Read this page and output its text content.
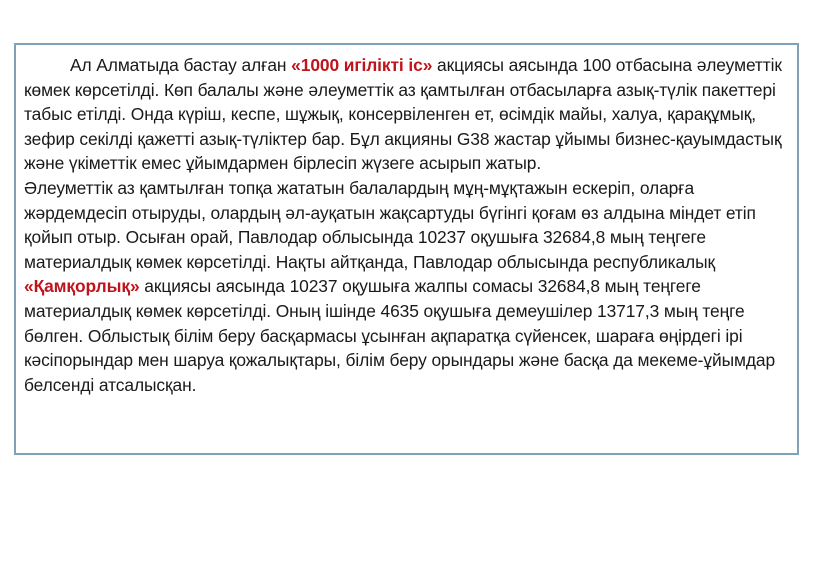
Ал Алматыда бастау алған «1000 игілікті іс» акциясы аясында 100 отбасына әлеуметтік көмек көрсетілді. Көп балалы және әлеуметтік аз қамтылған отбасыларға азық-түлік пакеттері табыс етілді. Онда күріш, кеспе, шұжық, консервіленген ет, өсімдік майы, халуа, қарақұмық, зефир секілді қажетті азық-түліктер бар. Бұл акцияны G38 жастар ұйымы бизнес-қауымдастық және үкіметтік емес ұйымдармен бірлесіп жүзеге асырып жатыр.

Әлеуметтік аз қамтылған топқа жататын балалардың мұң-мұқтажын ескеріп, оларға жәрдемдесіп отыруды, олардың әл-ауқатын жақсартуды бүгінгі қоғам өз алдына міндет етіп қойып отыр. Осыған орай, Павлодар облысында 10237 оқушыға 32684,8 мың теңгеге материалдық көмек көрсетілді. Нақты айтқанда, Павлодар облысында республикалық «Қамқорлық» акциясы аясында 10237 оқушыға жалпы сомасы 32684,8 мың теңгеге материалдық көмек көрсетілді. Оның ішінде 4635 оқушыға демеушілер 13717,3 мың теңге бөлген. Облыстық білім беру басқармасы ұсынған ақпаратқа сүйенсек, шараға өңірдегі ірі кәсіпорындар мен шаруа қожалықтары, білім беру орындары және басқа да мекеме-ұйымдар белсенді атсалысқан.
